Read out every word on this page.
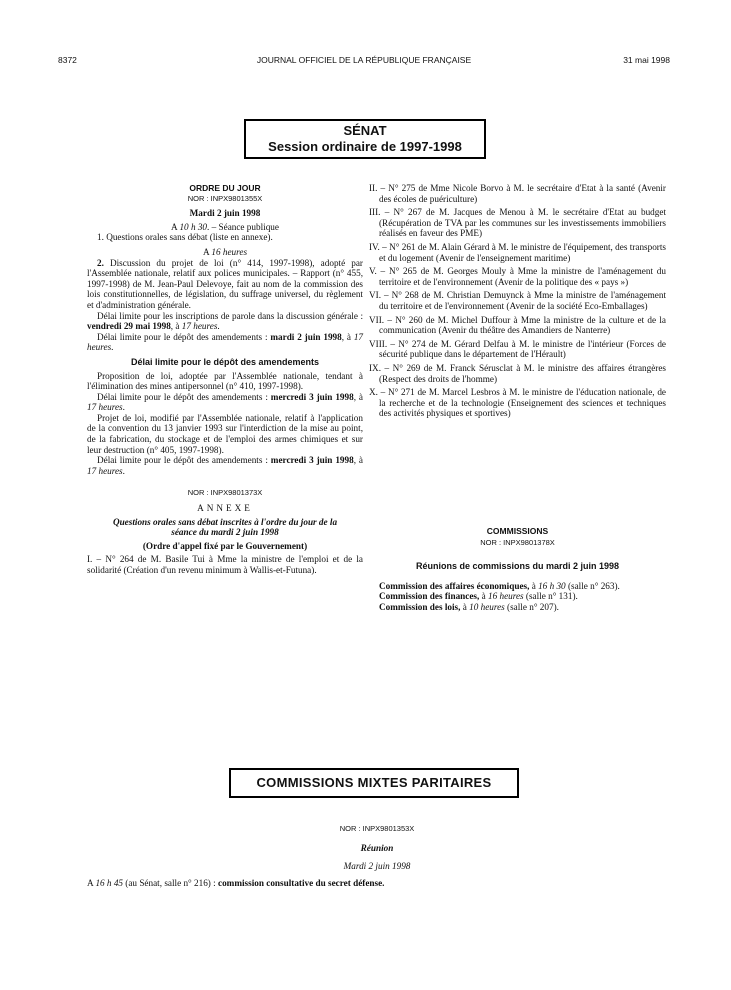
8372	JOURNAL OFFICIEL DE LA RÉPUBLIQUE FRANÇAISE	31 mai 1998
SÉNAT
Session ordinaire de 1997-1998
ORDRE DU JOUR
NOR : INPX9801355X
Mardi 2 juin 1998
A 10 h 30. – Séance publique

1. Questions orales sans débat (liste en annexe).

A 16 heures

2. Discussion du projet de loi (n° 414, 1997-1998), adopté par l'Assemblée nationale, relatif aux polices municipales. – Rapport (n° 455, 1997-1998) de M. Jean-Paul Delevoye, fait au nom de la commission des lois constitutionnelles, de législation, du suffrage universel, du règlement et d'administration générale.

Délai limite pour les inscriptions de parole dans la discussion générale : vendredi 29 mai 1998, à 17 heures.

Délai limite pour le dépôt des amendements : mardi 2 juin 1998, à 17 heures.

Délai limite pour le dépôt des amendements

Proposition de loi, adoptée par l'Assemblée nationale, tendant à l'élimination des mines antipersonnel (n° 410, 1997-1998).

Délai limite pour le dépôt des amendements : mercredi 3 juin 1998, à 17 heures.

Projet de loi, modifié par l'Assemblée nationale, relatif à l'application de la convention du 13 janvier 1993 sur l'interdiction de la mise au point, de la fabrication, du stockage et de l'emploi des armes chimiques et sur leur destruction (n° 405, 1997-1998).

Délai limite pour le dépôt des amendements : mercredi 3 juin 1998, à 17 heures.

NOR : INPX9801373X
ANNEXE
Questions orales sans débat inscrites à l'ordre du jour de la séance du mardi 2 juin 1998
(Ordre d'appel fixé par le Gouvernement)

I. – N° 264 de M. Basile Tui à Mme la ministre de l'emploi et de la solidarité (Création d'un revenu minimum à Wallis-et-Futuna).

II. – N° 275 de Mme Nicole Borvo à M. le secrétaire d'Etat à la santé (Avenir des écoles de puériculture)

III. – N° 267 de M. Jacques de Menou à M. le secrétaire d'Etat au budget (Récupération de TVA par les communes sur les investissements immobiliers réalisés en faveur des PME)

IV. – N° 261 de M. Alain Gérard à M. le ministre de l'équipement, des transports et du logement (Avenir de l'enseignement maritime)

V. – N° 265 de M. Georges Mouly à Mme la ministre de l'aménagement du territoire et de l'environnement (Avenir de la politique des « pays »)

VI. – N° 268 de M. Christian Demuynck à Mme la ministre de l'aménagement du territoire et de l'environnement (Avenir de la société Eco-Emballages)

VII. – N° 260 de M. Michel Duffour à Mme la ministre de la culture et de la communication (Avenir du théâtre des Amandiers de Nanterre)

VIII. – N° 274 de M. Gérard Delfau à M. le ministre de l'intérieur (Forces de sécurité publique dans le département de l'Hérault)

IX. – N° 269 de M. Franck Sérusclat à M. le ministre des affaires étrangères (Respect des droits de l'homme)

X. – N° 271 de M. Marcel Lesbros à M. le ministre de l'éducation nationale, de la recherche et de la technologie (Enseignement des sciences et techniques des activités physiques et sportives)

COMMISSIONS
NOR : INPX9801378X
Réunions de commissions du mardi 2 juin 1998

Commission des affaires économiques, à 16 h 30 (salle n° 263).

Commission des finances, à 16 heures (salle n° 131).

Commission des lois, à 10 heures (salle n° 207).

COMMISSIONS MIXTES PARITAIRES
NOR : INPX9801353X
Réunion
Mardi 2 juin 1998

A 16 h 45 (au Sénat, salle n° 216) : commission consultative du secret défense.
